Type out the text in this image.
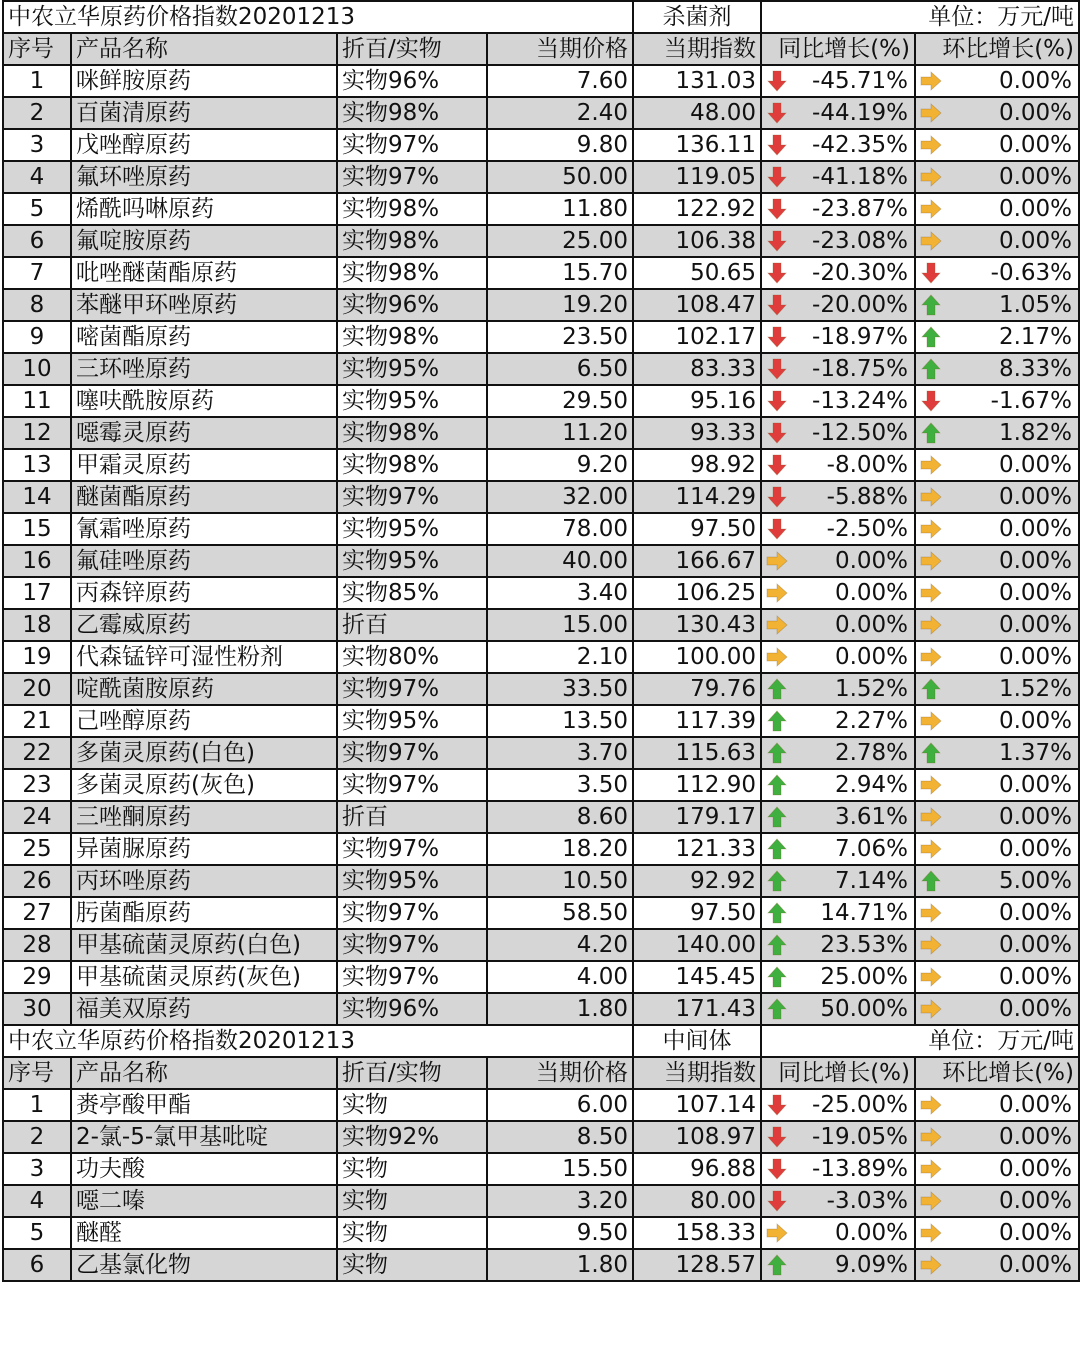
中农立华原药价格指数20201213				杀菌剂	单位：万元/吨	
序号	产品名称	折百/实物	当期价格	当期指数	同比增长(%)	环比增长(%)
1	咪鲜胺原药	实物96%	7.60	131.03	-45.71%	0.00%

2	百菌清原药	实物98%	2.40	48.00	-44.19%	0.00%

3	戊唑醇原药	实物97%	9.80	136.11	-42.35%	0.00%

4	氟环唑原药	实物97%	50.00	119.05	-41.18%	0.00%

5	烯酰吗啉原药	实物98%	11.80	122.92	-23.87%	0.00%

6	氟啶胺原药	实物98%	25.00	106.38	-23.08%	0.00%

7	吡唑醚菌酯原药	实物98%	15.70	50.65	-20.30%	-0.63%

8	苯醚甲环唑原药	实物96%	19.20	108.47	-20.00%	1.05%

9	嘧菌酯原药	实物98%	23.50	102.17	-18.97%	2.17%

10	三环唑原药	实物95%	6.50	83.33	-18.75%	8.33%

11	噻呋酰胺原药	实物95%	29.50	95.16	-13.24%	-1.67%

12	噁霉灵原药	实物98%	11.20	93.33	-12.50%	1.82%

13	甲霜灵原药	实物98%	9.20	98.92	-8.00%	0.00%

14	醚菌酯原药	实物97%	32.00	114.29	-5.88%	0.00%

15	氰霜唑原药	实物95%	78.00	97.50	-2.50%	0.00%

16	氟硅唑原药	实物95%	40.00	166.67	0.00%	0.00%

17	丙森锌原药	实物85%	3.40	106.25	0.00%	0.00%

18	乙霉威原药	折百	15.00	130.43	0.00%	0.00%

19	代森锰锌可湿性粉剂	实物80%	2.10	100.00	0.00%	0.00%

20	啶酰菌胺原药	实物97%	33.50	79.76	1.52%	1.52%

21	己唑醇原药	实物95%	13.50	117.39	2.27%	0.00%

22	多菌灵原药(白色)	实物97%	3.70	115.63	2.78%	1.37%

23	多菌灵原药(灰色)	实物97%	3.50	112.90	2.94%	0.00%

24	三唑酮原药	折百	8.60	179.17	3.61%	0.00%

25	异菌脲原药	实物97%	18.20	121.33	7.06%	0.00%

26	丙环唑原药	实物95%	10.50	92.92	7.14%	5.00%

27	肟菌酯原药	实物97%	58.50	97.50	14.71%	0.00%

28	甲基硫菌灵原药(白色)	实物97%	4.20	140.00	23.53%	0.00%

29	甲基硫菌灵原药(灰色)	实物97%	4.00	145.45	25.00%	0.00%

30	福美双原药	实物96%	1.80	171.43	50.00%	0.00%

中农立华原药价格指数20201213				中间体	单位：万元/吨	
序号	产品名称	折百/实物	当期价格	当期指数	同比增长(%)	环比增长(%)
1	赉亭酸甲酯	实物	6.00	107.14	-25.00%	0.00%

2	2-氯-5-氯甲基吡啶	实物92%	8.50	108.97	-19.05%	0.00%

3	功夫酸	实物	15.50	96.88	-13.89%	0.00%

4	噁二嗪	实物	3.20	80.00	-3.03%	0.00%

5	醚醛	实物	9.50	158.33	0.00%	0.00%

6	乙基氯化物	实物	1.80	128.57	9.09%	0.00%
